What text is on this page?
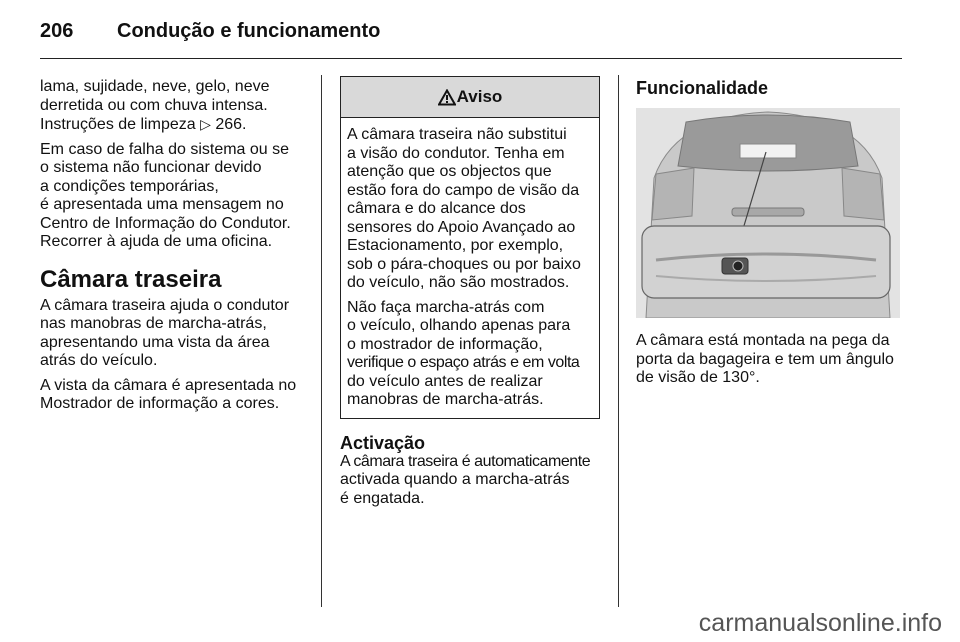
206 Condução e funcionamento

lama, sujidade, neve, gelo, neve
derretida ou com chuva intensa.
Instruções de limpeza ▷ 266.

Em caso de falha do sistema ou se
o sistema não funcionar devido
a condições temporárias,
é apresentada uma mensagem no
Centro de Informação do Condutor.
Recorrer à ajuda de uma oficina.

Câmara traseira

A câmara traseira ajuda o condutor
nas manobras de marcha-atrás,
apresentando uma vista da área
atrás do veículo.

A vista da câmara é apresentada no
Mostrador de informação a cores.

Aviso

A câmara traseira não substitui
a visão do condutor. Tenha em
atenção que os objectos que
estão fora do campo de visão da
câmara e do alcance dos
sensores do Apoio Avançado ao
Estacionamento, por exemplo,
sob o pára-choques ou por baixo
do veículo, não são mostrados.

Não faça marcha-atrás com
o veículo, olhando apenas para
o mostrador de informação,
verifique o espaço atrás e em volta
do veículo antes de realizar
manobras de marcha-atrás.

Activação

A câmara traseira é automaticamente
activada quando a marcha-atrás
é engatada.

Funcionalidade

A câmara está montada na pega da
porta da bagageira e tem um ângulo
de visão de 130°.

carmanualsonline.info
